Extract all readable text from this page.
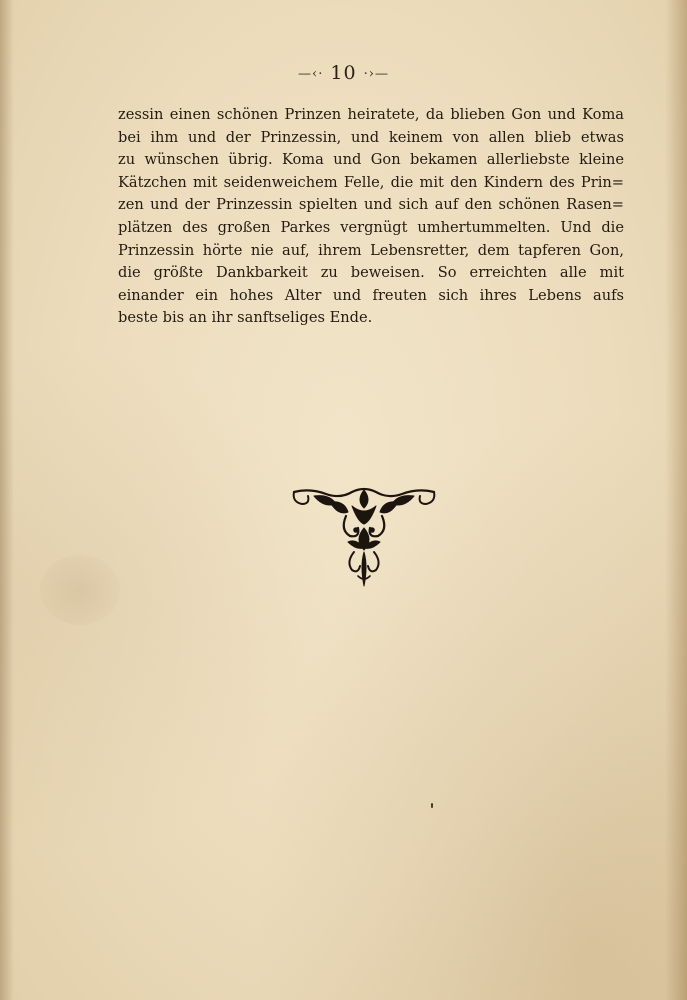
—‹· 10 ·›—
zessin einen schönen Prinzen heiratete, da blieben Gon und Koma
bei ihm und der Prinzessin, und keinem von allen blieb etwas
zu wünschen übrig. Koma und Gon bekamen allerliebste kleine
Kätzchen mit seidenweichem Felle, die mit den Kindern des Prin=
zen und der Prinzessin spielten und sich auf den schönen Rasen=
plätzen des großen Parkes vergnügt umhertummelten. Und die
Prinzessin hörte nie auf, ihrem Lebensretter, dem tapferen Gon,
die größte Dankbarkeit zu beweisen. So erreichten alle mit
einander ein hohes Alter und freuten sich ihres Lebens aufs
beste bis an ihr sanftseliges Ende.
